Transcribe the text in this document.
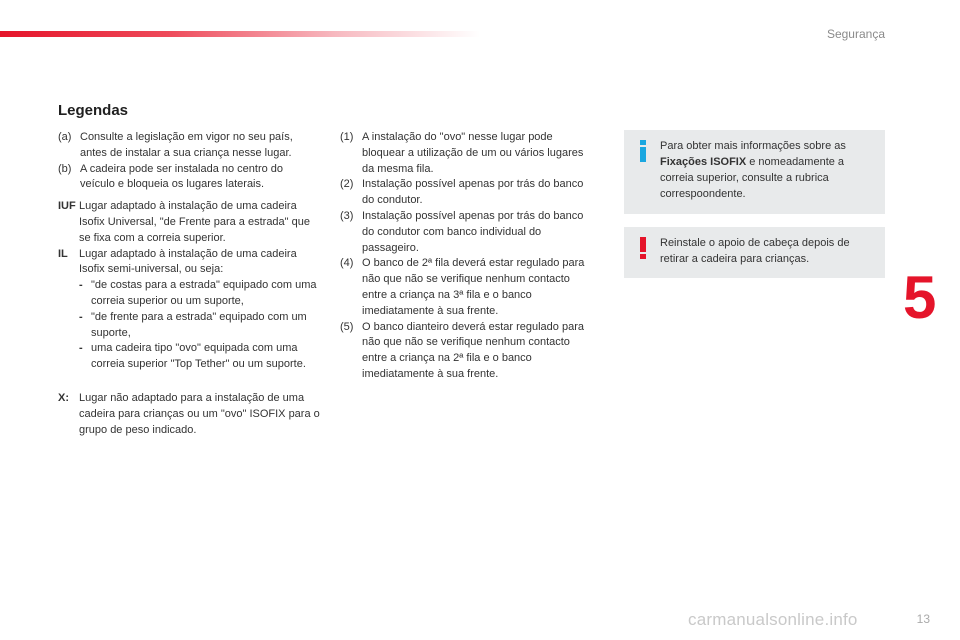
Segurança
Legendas
(a) Consulte a legislação em vigor no seu país, antes de instalar a sua criança nesse lugar.
(b) A cadeira pode ser instalada no centro do veículo e bloqueia os lugares laterais.
IUF Lugar adaptado à instalação de uma cadeira Isofix Universal, "de Frente para a estrada" que se fixa com a correia superior.
IL	Lugar adaptado à instalação de uma cadeira Isofix semi-universal, ou seja:
- "de costas para a estrada" equipado com uma correia superior ou um suporte,
- "de frente para a estrada" equipado com um suporte,
- uma cadeira tipo "ovo" equipada com uma correia superior "Top Tether" ou um suporte.
X: Lugar não adaptado para a instalação de uma cadeira para crianças ou um "ovo" ISOFIX para o grupo de peso indicado.
(1) A instalação do "ovo" nesse lugar pode bloquear a utilização de um ou vários lugares da mesma fila.
(2) Instalação possível apenas por trás do banco do condutor.
(3) Instalação possível apenas por trás do banco do condutor com banco individual do passageiro.
(4) O banco de 2ª fila deverá estar regulado para não que não se verifique nenhum contacto entre a criança na 3ª fila e o banco imediatamente à sua frente.
(5) O banco dianteiro deverá estar regulado para não que não se verifique nenhum contacto entre a criança na 2ª fila e o banco imediatamente à sua frente.
Para obter mais informações sobre as Fixações ISOFIX e nomeadamente a correia superior, consulte a rubrica correspoondente.
Reinstale o apoio de cabeça depois de retirar a cadeira para crianças.
5
carmanualsonline.info	13
